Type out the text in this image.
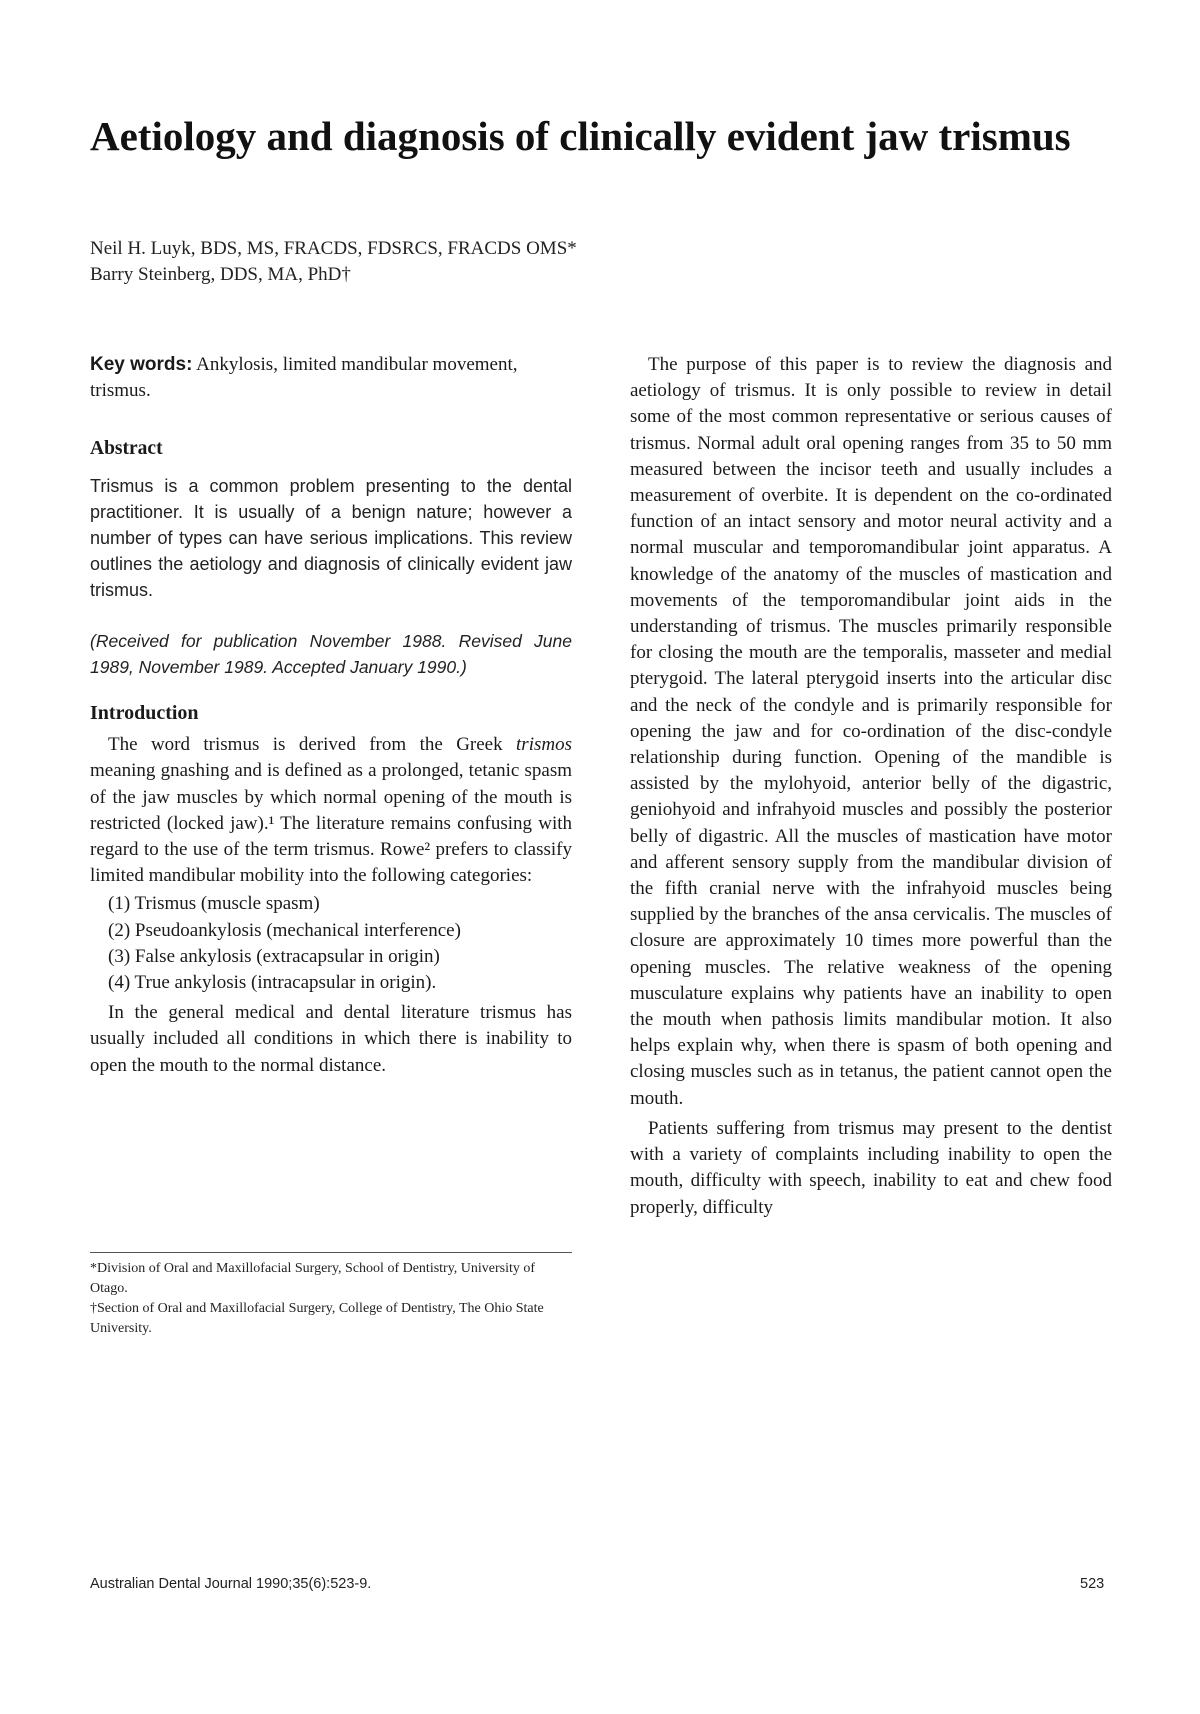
Aetiology and diagnosis of clinically evident jaw trismus
Neil H. Luyk, BDS, MS, FRACDS, FDSRCS, FRACDS OMS*
Barry Steinberg, DDS, MA, PhD†

Key words: Ankylosis, limited mandibular movement, trismus.

Abstract

Trismus is a common problem presenting to the dental practitioner. It is usually of a benign nature; however a number of types can have serious implications. This review outlines the aetiology and diagnosis of clinically evident jaw trismus.

(Received for publication November 1988. Revised June 1989, November 1989. Accepted January 1990.)

Introduction

The word trismus is derived from the Greek trismos meaning gnashing and is defined as a prolonged, tetanic spasm of the jaw muscles by which normal opening of the mouth is restricted (locked jaw).¹ The literature remains confusing with regard to the use of the term trismus. Rowe² prefers to classify limited mandibular mobility into the following categories:

(1) Trismus (muscle spasm)
(2) Pseudoankylosis (mechanical interference)
(3) False ankylosis (extracapsular in origin)
(4) True ankylosis (intracapsular in origin).

In the general medical and dental literature trismus has usually included all conditions in which there is inability to open the mouth to the normal distance.

The purpose of this paper is to review the diagnosis and aetiology of trismus. It is only possible to review in detail some of the most common representative or serious causes of trismus. Normal adult oral opening ranges from 35 to 50 mm measured between the incisor teeth and usually includes a measurement of overbite. It is dependent on the co-ordinated function of an intact sensory and motor neural activity and a normal muscular and temporomandibular joint apparatus. A knowledge of the anatomy of the muscles of mastication and movements of the temporomandibular joint aids in the understanding of trismus. The muscles primarily responsible for closing the mouth are the temporalis, masseter and medial pterygoid. The lateral pterygoid inserts into the articular disc and the neck of the condyle and is primarily responsible for opening the jaw and for co-ordination of the disc-condyle relationship during function. Opening of the mandible is assisted by the mylohyoid, anterior belly of the digastric, geniohyoid and infrahyoid muscles and possibly the posterior belly of digastric. All the muscles of mastication have motor and afferent sensory supply from the mandibular division of the fifth cranial nerve with the infrahyoid muscles being supplied by the branches of the ansa cervicalis. The muscles of closure are approximately 10 times more powerful than the opening muscles. The relative weakness of the opening musculature explains why patients have an inability to open the mouth when pathosis limits mandibular motion. It also helps explain why, when there is spasm of both opening and closing muscles such as in tetanus, the patient cannot open the mouth.

Patients suffering from trismus may present to the dentist with a variety of complaints including inability to open the mouth, difficulty with speech, inability to eat and chew food properly, difficulty

*Division of Oral and Maxillofacial Surgery, School of Dentistry, University of Otago.
†Section of Oral and Maxillofacial Surgery, College of Dentistry, The Ohio State University.
Australian Dental Journal 1990;35(6):523-9.	523
